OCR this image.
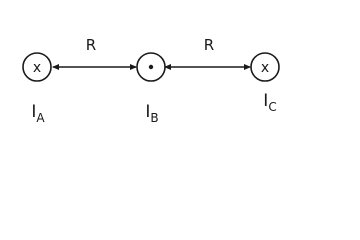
R	R
x
$I_A$	$I_B$
x
$I_C$
